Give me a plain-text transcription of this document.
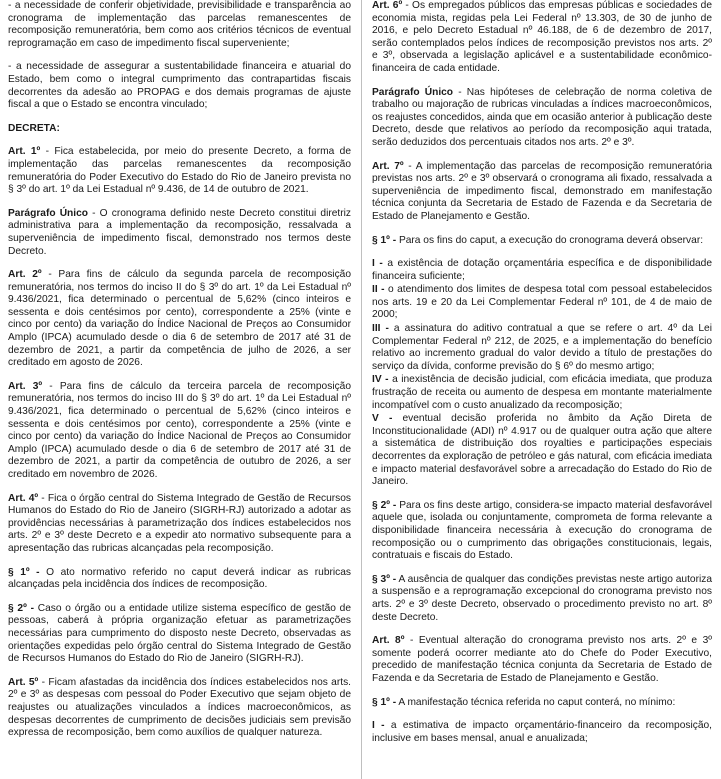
- a necessidade de conferir objetividade, previsibilidade e transparência ao cronograma de implementação das parcelas remanescentes de recomposição remuneratória, bem como aos critérios técnicos de eventual reprogramação em caso de impedimento fiscal superveniente;

- a necessidade de assegurar a sustentabilidade financeira e atuarial do Estado, bem como o integral cumprimento das contrapartidas fiscais decorrentes da adesão ao PROPAG e dos demais programas de ajuste fiscal a que o Estado se encontra vinculado;

DECRETA:

Art. 1º - Fica estabelecida, por meio do presente Decreto, a forma de implementação das parcelas remanescentes da recomposição remuneratória do Poder Executivo do Estado do Rio de Janeiro prevista no § 3º do art. 1º da Lei Estadual nº 9.436, de 14 de outubro de 2021.

Parágrafo Único - O cronograma definido neste Decreto constitui diretriz administrativa para a implementação da recomposição, ressalvada a superveniência de impedimento fiscal, demonstrado nos termos deste Decreto.

Art. 2º - Para fins de cálculo da segunda parcela de recomposição remuneratória, nos termos do inciso II do § 3º do art. 1º da Lei Estadual nº 9.436/2021, fica determinado o percentual de 5,62% (cinco inteiros e sessenta e dois centésimos por cento), correspondente a 25% (vinte e cinco por cento) da variação do Índice Nacional de Preços ao Consumidor Amplo (IPCA) acumulado desde o dia 6 de setembro de 2017 até 31 de dezembro de 2021, a partir da competência de julho de 2026, a ser creditado em agosto de 2026.

Art. 3º - Para fins de cálculo da terceira parcela de recomposição remuneratória, nos termos do inciso III do § 3º do art. 1º da Lei Estadual nº 9.436/2021, fica determinado o percentual de 5,62% (cinco inteiros e sessenta e dois centésimos por cento), correspondente a 25% (vinte e cinco por cento) da variação do Índice Nacional de Preços ao Consumidor Amplo (IPCA) acumulado desde o dia 6 de setembro de 2017 até 31 de dezembro de 2021, a partir da competência de outubro de 2026, a ser creditado em novembro de 2026.

Art. 4º - Fica o órgão central do Sistema Integrado de Gestão de Recursos Humanos do Estado do Rio de Janeiro (SIGRH-RJ) autorizado a adotar as providências necessárias à parametrização dos índices estabelecidos nos arts. 2º e 3º deste Decreto e a expedir ato normativo subsequente para a apresentação das rubricas alcançadas pela recomposição.

§ 1º - O ato normativo referido no caput deverá indicar as rubricas alcançadas pela incidência dos índices de recomposição.

§ 2º - Caso o órgão ou a entidade utilize sistema específico de gestão de pessoas, caberá à própria organização efetuar as parametrizações necessárias para cumprimento do disposto neste Decreto, observadas as orientações expedidas pelo órgão central do Sistema Integrado de Gestão de Recursos Humanos do Estado do Rio de Janeiro (SIGRH-RJ).

Art. 5º - Ficam afastadas da incidência dos índices estabelecidos nos arts. 2º e 3º as despesas com pessoal do Poder Executivo que sejam objeto de reajustes ou atualizações vinculados a índices macroeconômicos, as despesas decorrentes de cumprimento de decisões judiciais sem previsão expressa de recomposição, bem como auxílios de qualquer natureza.

Art. 6º - Os empregados públicos das empresas públicas e sociedades de economia mista, regidas pela Lei Federal nº 13.303, de 30 de junho de 2016, e pelo Decreto Estadual nº 46.188, de 6 de dezembro de 2017, serão contemplados pelos índices de recomposição previstos nos arts. 2º e 3º, observada a legislação aplicável e a sustentabilidade econômico-financeira de cada entidade.

Parágrafo Único - Nas hipóteses de celebração de norma coletiva de trabalho ou majoração de rubricas vinculadas a índices macroeconômicos, os reajustes concedidos, ainda que em ocasião anterior à publicação deste Decreto, desde que relativos ao período da recomposição aqui tratada, serão deduzidos dos percentuais citados nos arts. 2º e 3º.

Art. 7º - A implementação das parcelas de recomposição remuneratória previstas nos arts. 2º e 3º observará o cronograma ali fixado, ressalvada a superveniência de impedimento fiscal, demonstrado em manifestação técnica conjunta da Secretaria de Estado de Fazenda e da Secretaria de Estado de Planejamento e Gestão.

§ 1º - Para os fins do caput, a execução do cronograma deverá observar:

I - a existência de dotação orçamentária específica e de disponibilidade financeira suficiente;

II - o atendimento dos limites de despesa total com pessoal estabelecidos nos arts. 19 e 20 da Lei Complementar Federal nº 101, de 4 de maio de 2000;

III - a assinatura do aditivo contratual a que se refere o art. 4º da Lei Complementar Federal nº 212, de 2025, e a implementação do benefício relativo ao incremento gradual do valor devido a título de prestações do serviço da dívida, conforme previsão do § 6º do mesmo artigo;

IV - a inexistência de decisão judicial, com eficácia imediata, que produza frustração de receita ou aumento de despesa em montante materialmente incompatível com o custo anualizado da recomposição;

V - eventual decisão proferida no âmbito da Ação Direta de Inconstitucionalidade (ADI) nº 4.917 ou de qualquer outra ação que altere a sistemática de distribuição dos royalties e participações especiais decorrentes da exploração de petróleo e gás natural, com eficácia imediata e impacto material desfavorável sobre a arrecadação do Estado do Rio de Janeiro.

§ 2º - Para os fins deste artigo, considera-se impacto material desfavorável aquele que, isolada ou conjuntamente, comprometa de forma relevante a disponibilidade financeira necessária à execução do cronograma de recomposição ou o cumprimento das obrigações constitucionais, legais, contratuais e fiscais do Estado.

§ 3º - A ausência de qualquer das condições previstas neste artigo autoriza a suspensão e a reprogramação excepcional do cronograma previsto nos arts. 2º e 3º deste Decreto, observado o procedimento previsto no art. 8º deste Decreto.

Art. 8º - Eventual alteração do cronograma previsto nos arts. 2º e 3º somente poderá ocorrer mediante ato do Chefe do Poder Executivo, precedido de manifestação técnica conjunta da Secretaria de Estado de Fazenda e da Secretaria de Estado de Planejamento e Gestão.

§ 1º - A manifestação técnica referida no caput conterá, no mínimo:

I - a estimativa de impacto orçamentário-financeiro da recomposição, inclusive em bases mensal, anual e anualizada;
